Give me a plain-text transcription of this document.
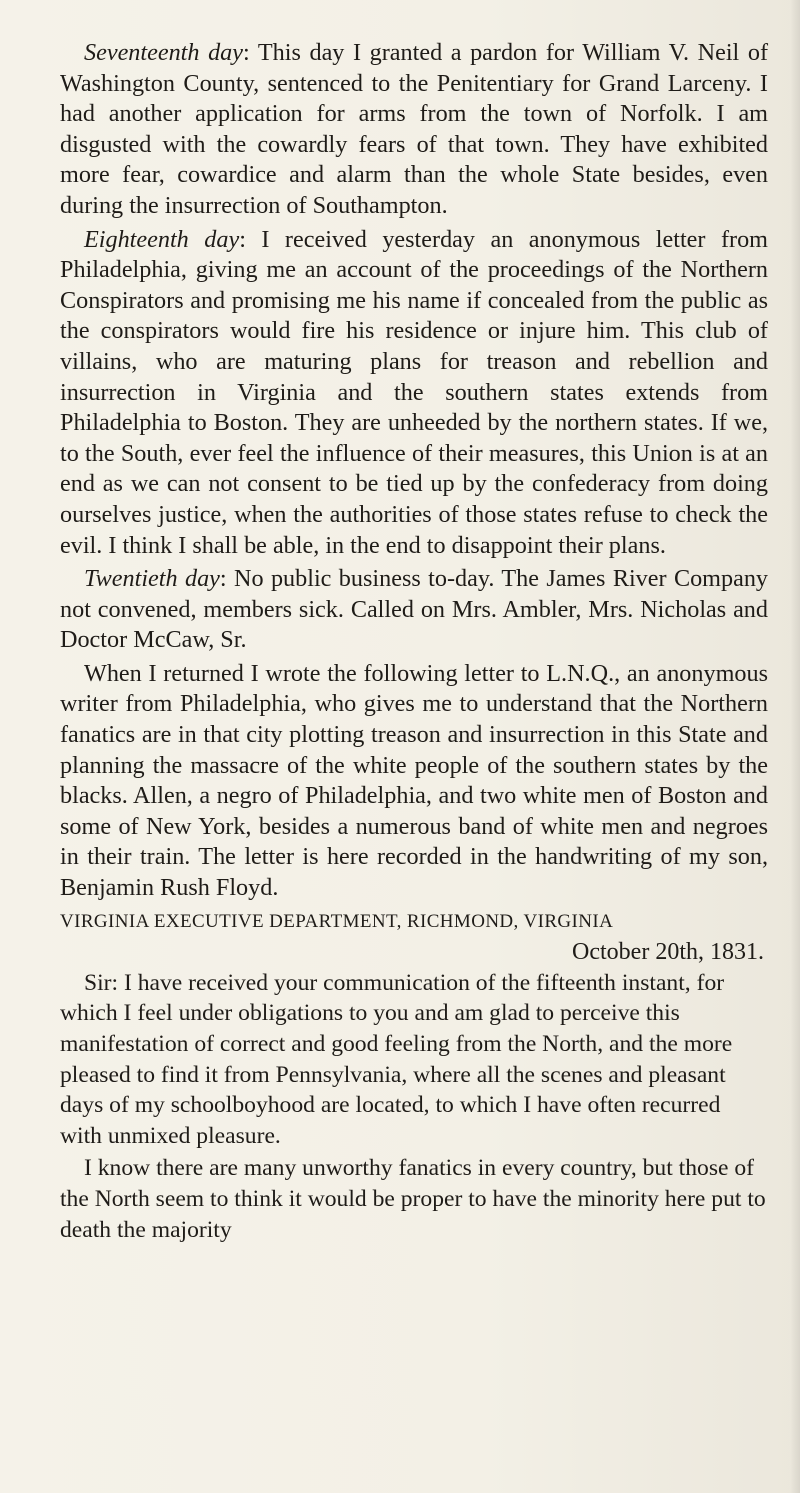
Seventeenth day: This day I granted a pardon for William V. Neil of Washington County, sentenced to the Penitentiary for Grand Larceny. I had another application for arms from the town of Norfolk. I am disgusted with the cowardly fears of that town. They have exhibited more fear, cowardice and alarm than the whole State besides, even during the insurrection of Southampton.

Eighteenth day: I received yesterday an anonymous letter from Philadelphia, giving me an account of the proceedings of the Northern Conspirators and promising me his name if concealed from the public as the conspirators would fire his residence or injure him. This club of villains, who are maturing plans for treason and rebellion and insurrection in Virginia and the southern states extends from Philadelphia to Boston. They are unheeded by the northern states. If we, to the South, ever feel the influence of their measures, this Union is at an end as we can not consent to be tied up by the confederacy from doing ourselves justice, when the authorities of those states refuse to check the evil. I think I shall be able, in the end to disappoint their plans.

Twentieth day: No public business to-day. The James River Company not convened, members sick. Called on Mrs. Ambler, Mrs. Nicholas and Doctor McCaw, Sr.

When I returned I wrote the following letter to L.N.Q., an anonymous writer from Philadelphia, who gives me to understand that the Northern fanatics are in that city plotting treason and insurrection in this State and planning the massacre of the white people of the southern states by the blacks. Allen, a negro of Philadelphia, and two white men of Boston and some of New York, besides a numerous band of white men and negroes in their train. The letter is here recorded in the handwriting of my son, Benjamin Rush Floyd.

VIRGINIA EXECUTIVE DEPARTMENT, RICHMOND, VIRGINIA

October 20th, 1831.

Sir: I have received your communication of the fifteenth instant, for which I feel under obligations to you and am glad to perceive this manifestation of correct and good feeling from the North, and the more pleased to find it from Pennsylvania, where all the scenes and pleasant days of my schoolboyhood are located, to which I have often recurred with unmixed pleasure.

I know there are many unworthy fanatics in every country, but those of the North seem to think it would be proper to have the minority here put to death the majority
